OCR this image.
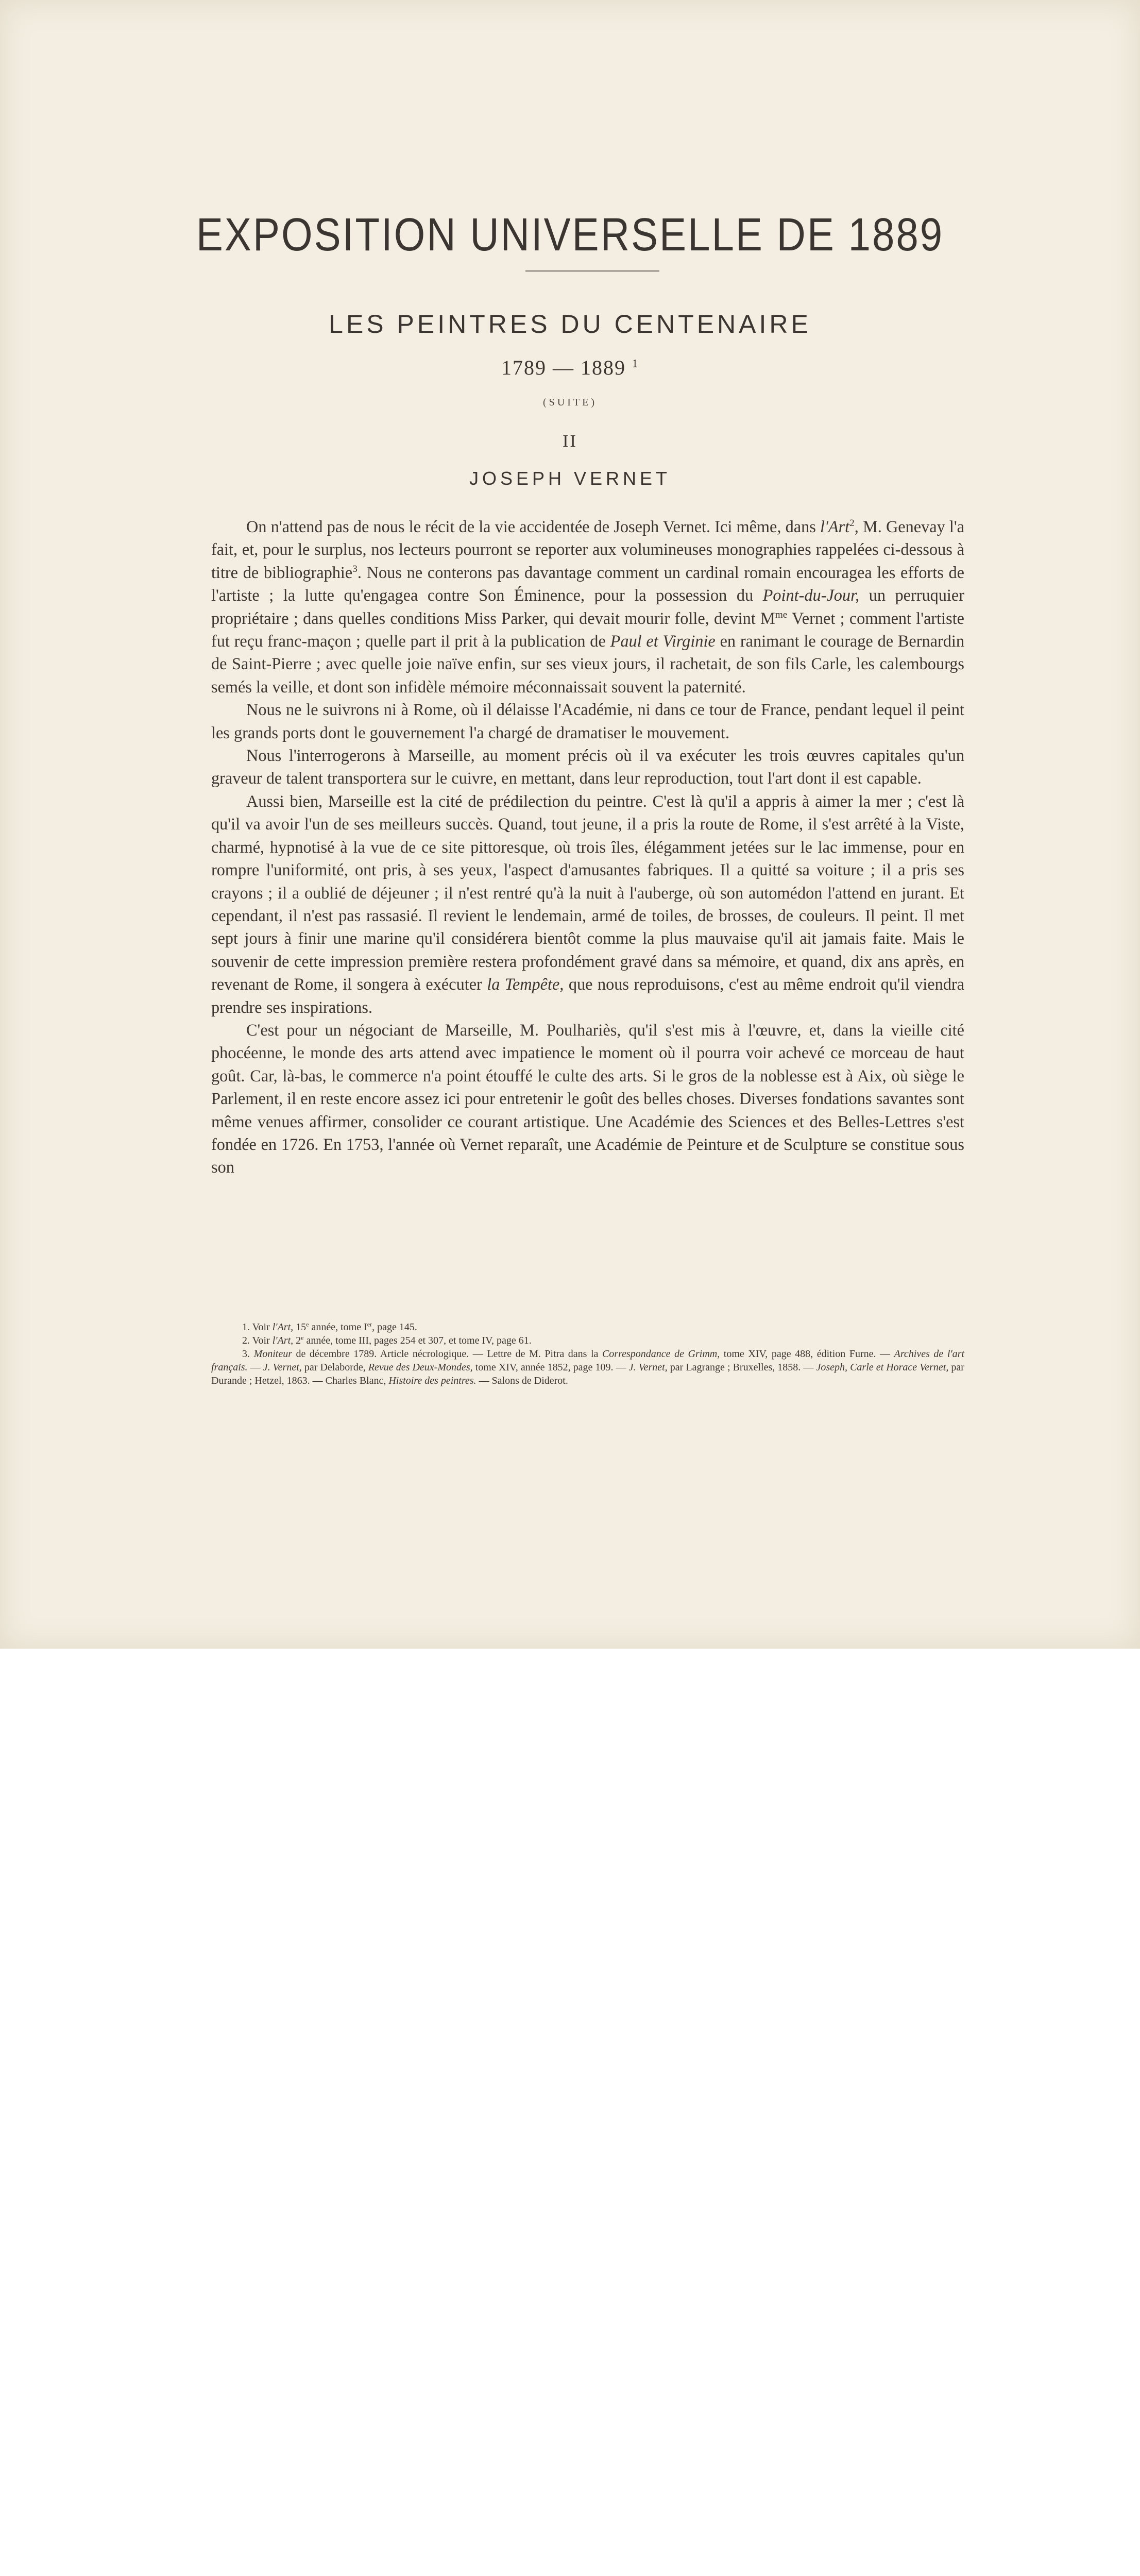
EXPOSITION UNIVERSELLE DE 1889
LES PEINTRES DU CENTENAIRE
1789 — 1889 $^1$
(SUITE)
II
JOSEPH VERNET

On n'attend pas de nous le récit de la vie accidentée de Joseph Vernet. Ici même, dans l'Art$^2$, M. Genevay l'a fait, et, pour le surplus, nos lecteurs pourront se reporter aux volumineuses monographies rappelées ci-dessous à titre de bibliographie$^3$. Nous ne conterons pas davantage comment un cardinal romain encouragea les efforts de l'artiste ; la lutte qu'engagea contre Son Éminence, pour la possession du Point-du-Jour, un perruquier propriétaire ; dans quelles conditions Miss Parker, qui devait mourir folle, devint $M^{me}$ Vernet ; comment l'artiste fut reçu franc-maçon ; quelle part il prit à la publication de Paul et Virginie en ranimant le courage de Bernardin de Saint-Pierre ; avec quelle joie naïve enfin, sur ses vieux jours, il rachetait, de son fils Carle, les calembourgs semés la veille, et dont son infidèle mémoire méconnaissait souvent la paternité.

Nous ne le suivrons ni à Rome, où il délaisse l'Académie, ni dans ce tour de France, pendant lequel il peint les grands ports dont le gouvernement l'a chargé de dramatiser le mouvement.

Nous l'interrogerons à Marseille, au moment précis où il va exécuter les trois œuvres capitales qu'un graveur de talent transportera sur le cuivre, en mettant, dans leur reproduction, tout l'art dont il est capable.

Aussi bien, Marseille est la cité de prédilection du peintre. C'est là qu'il a appris à aimer la mer ; c'est là qu'il va avoir l'un de ses meilleurs succès. Quand, tout jeune, il a pris la route de Rome, il s'est arrêté à la Viste, charmé, hypnotisé à la vue de ce site pittoresque, où trois îles, élégamment jetées sur le lac immense, pour en rompre l'uniformité, ont pris, à ses yeux, l'aspect d'amusantes fabriques. Il a quitté sa voiture ; il a pris ses crayons ; il a oublié de déjeuner ; il n'est rentré qu'à la nuit à l'auberge, où son automédon l'attend en jurant. Et cependant, il n'est pas rassasié. Il revient le lendemain, armé de toiles, de brosses, de couleurs. Il peint. Il met sept jours à finir une marine qu'il considérera bientôt comme la plus mauvaise qu'il ait jamais faite. Mais le souvenir de cette impression première restera profondément gravé dans sa mémoire, et quand, dix ans après, en revenant de Rome, il songera à exécuter la Tempête, que nous reproduisons, c'est au même endroit qu'il viendra prendre ses inspirations.

C'est pour un négociant de Marseille, M. Poulhariès, qu'il s'est mis à l'œuvre, et, dans la vieille cité phocéenne, le monde des arts attend avec impatience le moment où il pourra voir achevé ce morceau de haut goût. Car, là-bas, le commerce n'a point étouffé le culte des arts. Si le gros de la noblesse est à Aix, où siège le Parlement, il en reste encore assez ici pour entretenir le goût des belles choses. Diverses fondations savantes sont même venues affirmer, consolider ce courant artistique. Une Académie des Sciences et des Belles-Lettres s'est fondée en 1726. En 1753, l'année où Vernet reparaît, une Académie de Peinture et de Sculpture se constitue sous son

1. Voir l'Art, 15e année, tome Ier, page 145.

2. Voir l'Art, 2e année, tome III, pages 254 et 307, et tome IV, page 61.

3. Moniteur de décembre 1789. Article nécrologique. — Lettre de M. Pitra dans la Correspondance de Grimm, tome XIV, page 488, édition Furne. — Archives de l'art français. — J. Vernet, par Delaborde, Revue des Deux-Mondes, tome XIV, année 1852, page 109. — J. Vernet, par Lagrange ; Bruxelles, 1858. — Joseph, Carle et Horace Vernet, par Durande ; Hetzel, 1863. — Charles Blanc, Histoire des peintres. — Salons de Diderot.
